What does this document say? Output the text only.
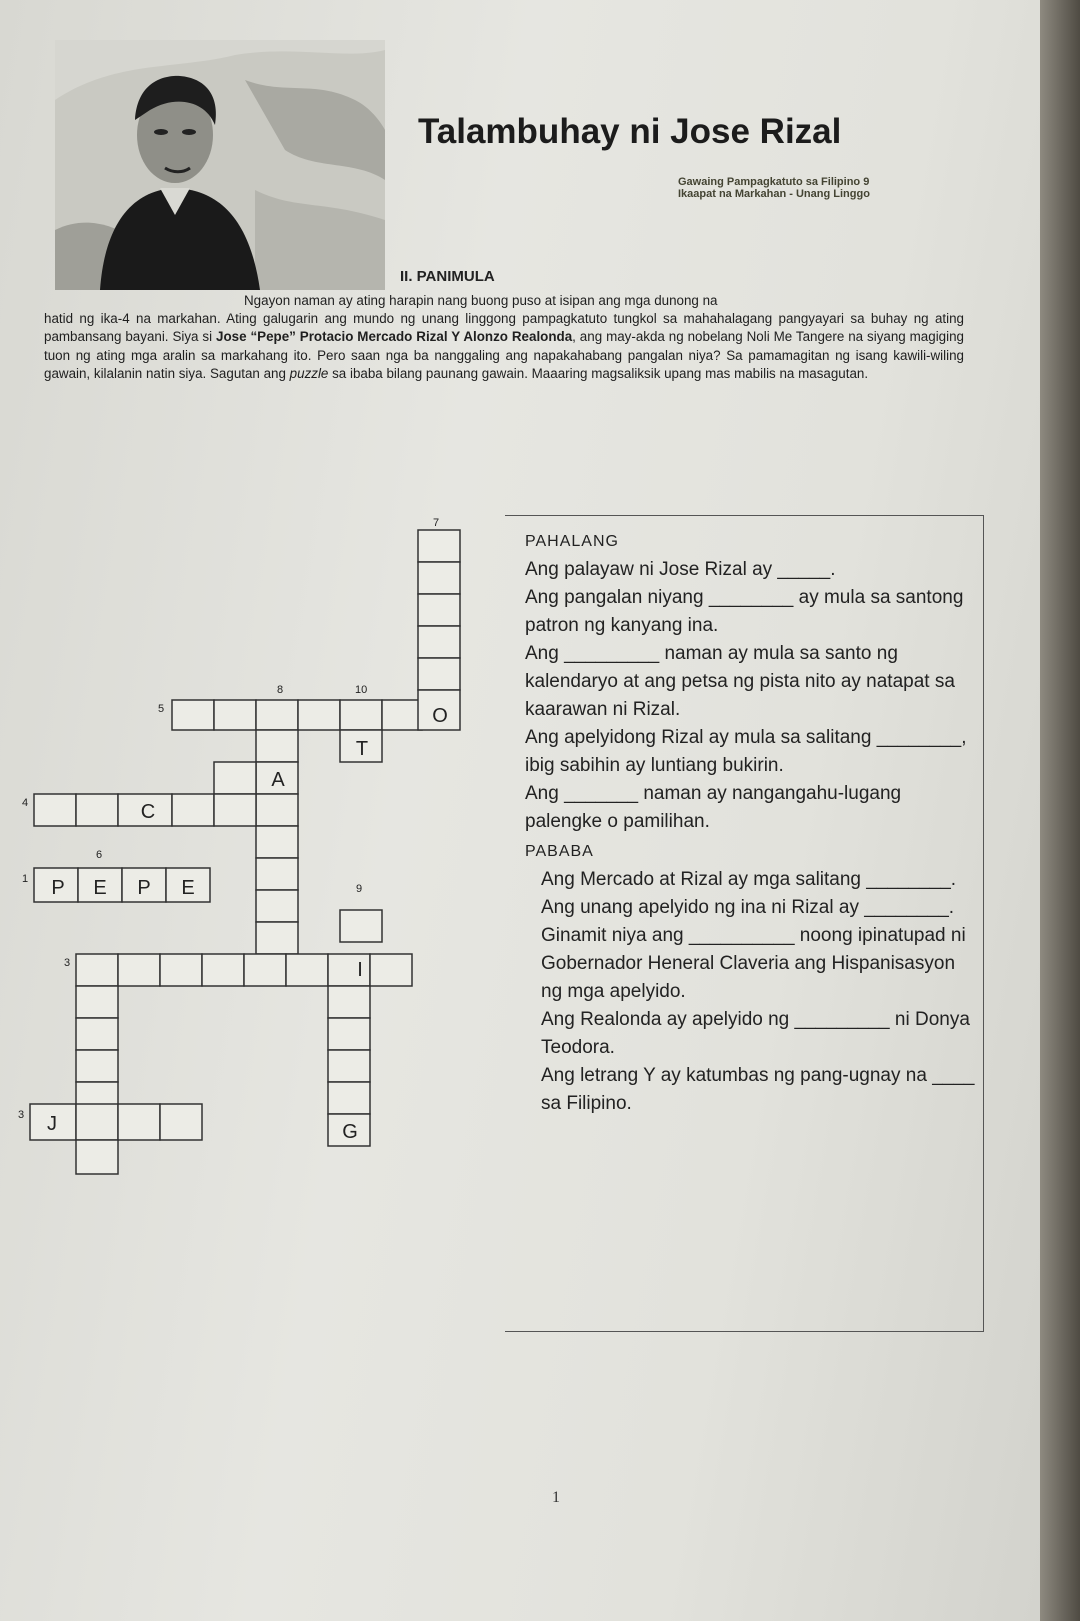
Talambuhay ni Jose Rizal
Gawaing Pampagkatuto sa Filipino 9
Ikaapat na Markahan - Unang Linggo
II. PANIMULA
Ngayon naman ay ating harapin nang buong puso at isipan ang mga dunong na
hatid ng ika-4 na markahan. Ating galugarin ang mundo ng unang linggong pampagkatuto tungkol sa mahahalagang pangyayari sa buhay ng ating pambansang bayani. Siya si Jose “Pepe” Protacio Mercado Rizal Y Alonzo Realonda, ang may-akda ng nobelang Noli Me Tangere na siyang magiging tuon ng ating mga aralin sa markahang ito. Pero saan nga ba nanggaling ang napakahabang pangalan niya? Sa pamamagitan ng isang kawili-wiling gawain, kilalanin natin siya. Sagutan ang puzzle sa ibaba bilang paunang gawain. Maaaring magsaliksik upang mas mabilis na masagutan.
7
8	10
5
4
6
1
9
3
3
O
T
A
C
P E P E
I
J	G
PAHALANG

Ang palayaw ni Jose Rizal ay _____.

Ang pangalan niyang ________ ay mula sa santong patron ng kanyang ina.

Ang _________ naman ay mula sa santo ng kalendaryo at ang petsa ng pista nito ay natapat sa kaarawan ni Rizal.

Ang apelyidong Rizal ay mula sa salitang ________, ibig sabihin ay luntiang bukirin.

Ang _______ naman ay nangangahu-lugang palengke o pamilihan.

PABABA

Ang Mercado at Rizal ay mga salitang ________.

Ang unang apelyido ng ina ni Rizal ay ________.

Ginamit niya ang __________ noong ipinatupad ni Gobernador Heneral Claveria ang Hispanisasyon ng mga apelyido.

Ang Realonda ay apelyido ng _________ ni Donya Teodora.

Ang letrang Y ay katumbas ng pang-ugnay na ____ sa Filipino.

1
